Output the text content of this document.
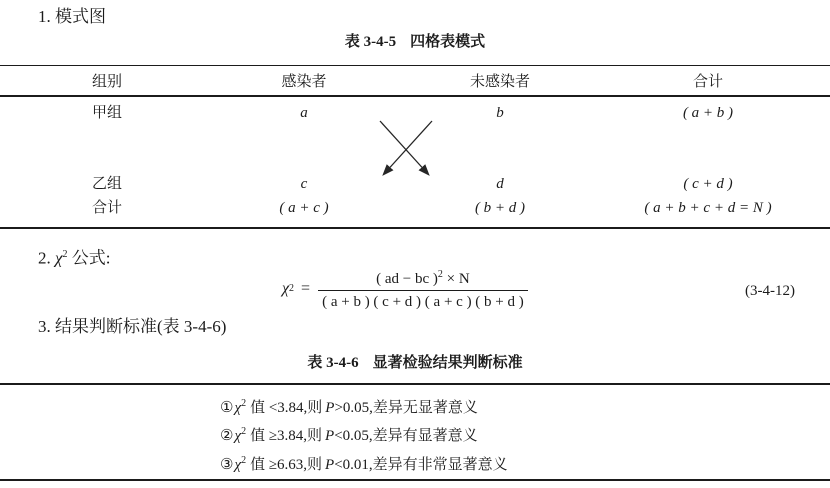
1. 模式图
表 3-4-5 四格表模式
组别	感染者	未感染者	合计
甲组	a	b	( a + b )
乙组	c	d	( c + d )
合计	( a + c )	( b + d )	( a + b + c + d = N )
2. $\chi^2$ 公式:
χ $2 = \frac{( ad - bc )^2 \times N}{( a + b ) ( c + d ) ( a + c ) ( b + d )}$	(3-4-12)
3. 结果判断标准(表 3-4-6)
表 3-4-6 显著检验结果判断标准
$①\chi^2$ 值 <3.84,则 P>0.05,差异无显著意义
$②\chi^2$ 值 ≥3.84,则 P<0.05,差异有显著意义
$③\chi^2$ 值 ≥6.63,则 P<0.01,差异有非常显著意义
